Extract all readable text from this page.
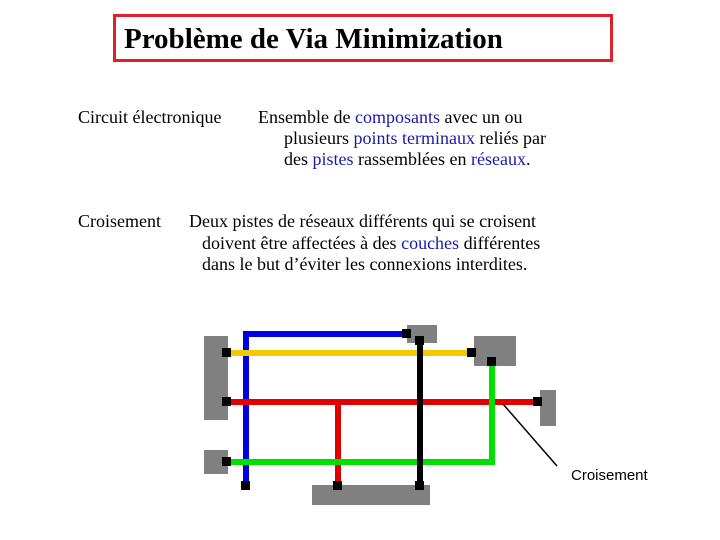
Problème de Via Minimization
Circuit électronique Ensemble de composants avec un ou
plusieurs points terminaux reliés par
des pistes rassemblées en réseaux.
Croisement Deux pistes de réseaux différents qui se croisent
doivent être affectées à des couches différentes
dans le but d’éviter les connexions interdites.
Croisement
